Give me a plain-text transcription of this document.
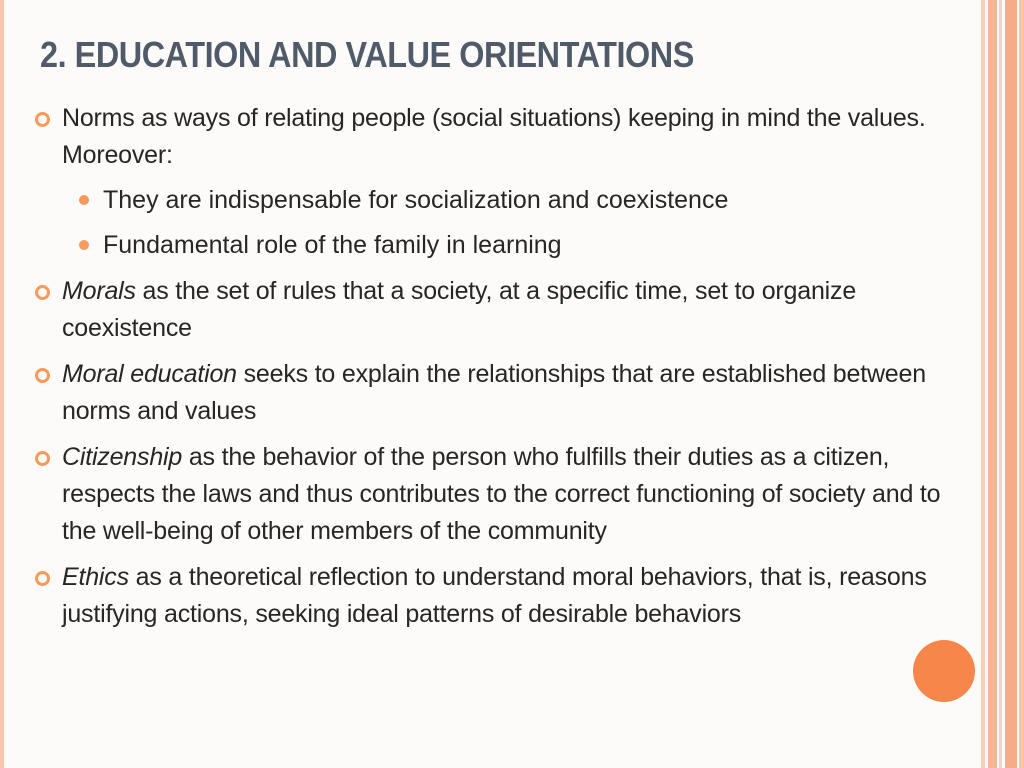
2. EDUCATION AND VALUE ORIENTATIONS
Norms as ways of relating people (social situations) keeping in mind the values. Moreover:
They are indispensable for socialization and coexistence
Fundamental role of the family in learning
Morals as the set of rules that a society, at a specific time, set to organize coexistence
Moral education seeks to explain the relationships that are established between norms and values
Citizenship as the behavior of the person who fulfills their duties as a citizen, respects the laws and thus contributes to the correct functioning of society and to the well-being of other members of the community
Ethics as a theoretical reflection to understand moral behaviors, that is, reasons justifying actions, seeking ideal patterns of desirable behaviors
